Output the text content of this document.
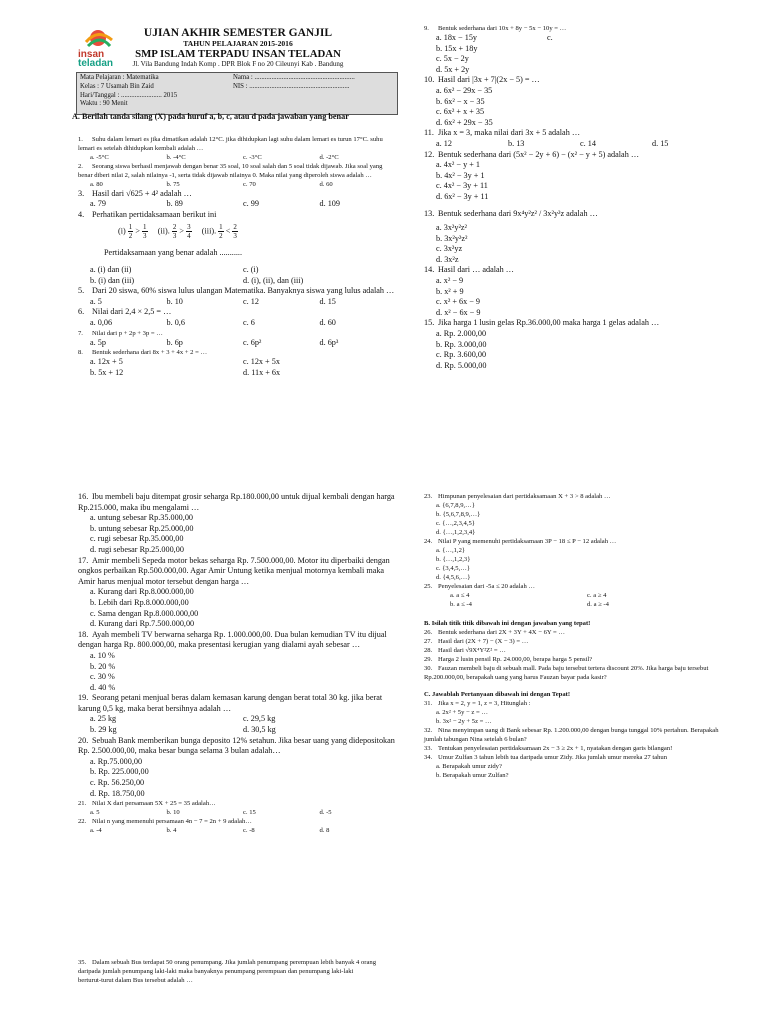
insan
teladan
UJIAN AKHIR SEMESTER GANJIL
TAHUN PELAJARAN 2015-2016
SMP ISLAM TERPADU INSAN TELADAN
Jl. Vila Bandung Indah Komp . DPR Blok F no 20 Cileunyi Kab . Bandung
Mata Pelajaran : Matematika
Kelas : 7 Usamah Bin Zaid
Hari/Tanggal : ........................ 2015
Waktu : 90 Menit
Nama : ...........................................................
NIS : ...........................................................
A. Berilah tanda silang (X) pada huruf a, b, c, atau d pada jawaban yang benar
1. Suhu dalam lemari es jika dimatikan adalah 12°C. jika dihidupkan lagi suhu dalam lemari es turun 17°C. suhu lemari es setelah dihidupkan kembali adalah …
a. -5°C	b. -4°C	c. -3°C	d. -2°C
2. Seorang siswa berhasil menjawab dengan benar 35 soal, 10 soal salah dan 5 soal tidak dijawab. Jika soal yang benar diberi nilai 2, salah nilainya -1, serta tidak dijawab nilainya 0. Maka nilai yang diperoleh siswa adalah …
a. 80	b. 75	c. 70	d. 60
3. Hasil dari √625 + 4² adalah …
a. 79	b. 89	c. 99	d. 109
4. Perhatikan pertidaksamaan berikut ini
$(i) \frac{1}{2} > \frac{1}{3} (ii)$. $\frac{2}{3} > \frac{3}{4} (iii)$. $\frac{1}{2} < \frac{2}{3}$
Pertidaksamaan yang benar adalah ...........
a. (i) dan (ii)	c. (i)
b. (i) dan (iii)	d. (i), (ii), dan (iii)
5. Dari 20 siswa, 60% siswa lulus ulangan Matematika. Banyaknya siswa yang lulus adalah …
a. 5	b. 10	c. 12	d. 15
6. Nilai dari 2,4 × 2,5 = …
a. 0,06	b. 0,6	c. 6	d. 60
7. Nilai dari p + 2p + 3p = …
a. 5p	b. 6p	c. 6p²	d. 6p³
8. Bentuk sederhana dari 8x + 3 + 4x + 2 = …
a. 12x + 5	c. 12x + 5x
b. 5x + 12	d. 11x + 6x
9. Bentuk sederhana dari 10x + 8y − 5x − 10y = …
a. 18x − 15y	c.
b. 15x + 18y
c. 5x − 2y
d. 5x + 2y
10. Hasil dari |3x + 7|(2x − 5) = …
a. 6x² − 29x − 35
b. 6x² − x − 35
c. 6x² + x + 35
d. 6x² + 29x − 35
11. Jika x = 3, maka nilai dari 3x + 5 adalah …
a. 12	b. 13	c. 14	d. 15
12. Bentuk sederhana dari (5x² − 2y + 6) − (x² − y + 5) adalah …
a. 4x² − y + 1
b. 4x² − 3y + 1
c. 4x² − 3y + 11
d. 6x² − 3y + 11
13. Bentuk sederhana dari 9x⁴y²z² / 3x²y²z adalah …
a. 3x²y²z²
b. 3x²y²z²
c. 3x²yz
d. 3x²z
14. Hasil dari … adalah …
a. x² − 9
b. x² + 9
c. x² + 6x − 9
d. x² − 6x − 9
15. Jika harga 1 lusin gelas Rp.36.000,00 maka harga 1 gelas adalah …
a. Rp. 2.000,00
b. Rp. 3.000,00
c. Rp. 3.600,00
d. Rp. 5.000,00
16. Ibu membeli baju ditempat grosir seharga Rp.180.000,00 untuk dijual kembali dengan harga Rp.215.000, maka ibu mengalami …
a. untung sebesar Rp.35.000,00
b. untung sebesar Rp.25.000,00
c. rugi sebesar Rp.35.000,00
d. rugi sebesar Rp.25.000,00
17. Amir membeli Sepeda motor bekas seharga Rp. 7.500.000,00. Motor itu diperbaiki dengan ongkos perbaikan Rp.500.000,00. Agar Amir Untung ketika menjual motornya kembali maka Amir harus menjual motor tersebut dengan harga …
a. Kurang dari Rp.8.000.000,00
b. Lebih dari Rp.8.000.000,00
c. Sama dengan Rp.8.000.000,00
d. Kurang dari Rp.7.500.000,00
18. Ayah membeli TV berwarna seharga Rp. 1.000.000,00. Dua bulan kemudian TV itu dijual dengan harga Rp. 800.000,00, maka presentasi kerugian yang dialami ayah sebesar …
a. 10 %
b. 20 %
c. 30 %
d. 40 %
19. Seorang petani menjual beras dalam kemasan karung dengan berat total 30 kg. jika berat karung 0,5 kg, maka berat bersihnya adalah …
a. 25 kg	c. 29,5 kg
b. 29 kg	d. 30,5 kg
20. Sebuah Bank memberikan bunga deposito 12% setahun. Jika besar uang yang didepositokan Rp. 2.500.000,00, maka besar bunga selama 3 bulan adalah…
a. Rp.75.000,00
b. Rp. 225.000,00
c. Rp. 56.250,00
d. Rp. 18.750,00
21. Nilai X dari persamaan 5X + 25 = 35 adalah…
a. 5	b. 10	c. 15	d. -5
22. Nilai n yang memenuhi persamaan 4n − 7 = 2n + 9 adalah…
a. -4	b. 4	c. -8	d. 8
23. Himpunan penyelesaian dari pertidaksamaan X + 3 > 8 adalah …
a. {6,7,8,9,…}
b. {5,6,7,8,9,…}
c. {…,2,3,4,5}
d. {…,1,2,3,4}
24. Nilai P yang memenuhi pertidaksamaan 3P − 18 ≤ P − 12 adalah …
a. {…,1,2}
b. {…,1,2,3}
c. {3,4,5,…}
d. {4,5,6,…}
25. Penyelesaian dari -5a ≤ 20 adalah …
a. a ≤ 4	c. a ≥ 4
b. a ≤ -4	d. a ≥ -4
B. Isilah titik titik dibawah ini dengan jawaban yang tepat!
26. Bentuk sederhana dari 2X + 3Y + 4X − 6Y = …
27. Hasil dari (2X + 7) − (X − 3) = …
28. Hasil dari √9X⁴Y²Z² = …
29. Harga 2 lusin pensil Rp. 24.000,00, berapa harga 5 pensil?
30. Fauzan membeli baju di sebuah mall. Pada baju tersebut tertera discount 20%. Jika harga baju tersebut Rp.200.000,00, berapakah uang yang harus Fauzan bayar pada kasir?
C. Jawablah Pertanyaan dibawah ini dengan Tepat!
31. Jika x = 2, y = 1, z = 3, Hitunglah :
a. 2x² + 5y − z = …
b. 3x² − 2y + 5z = …
32. Nina menyimpan uang di Bank sebesar Rp. 1.200.000,00 dengan bunga tunggal 10% pertahun. Berapakah jumlah tabungan Nina setelah 6 bulan?
33. Tentukan penyelesaian pertidaksamaan 2x − 3 ≥ 2x + 1, nyatakan dengan garis bilangan!
34. Umur Zulfan 3 tahun lebih tua daripada umur Zidy. Jika jumlah umur mereka 27 tahun
a. Berapakah umur zidy?
b. Berapakah umur Zulfan?
35. Dalam sebuah Bus terdapat 50 orang penumpang. Jika jumlah penumpang perempuan lebih banyak 4 orang daripada jumlah penumpang laki-laki maka banyaknya penumpang perempuan dan penumpang laki-laki berturut-turut dalam Bus tersebut adalah …
